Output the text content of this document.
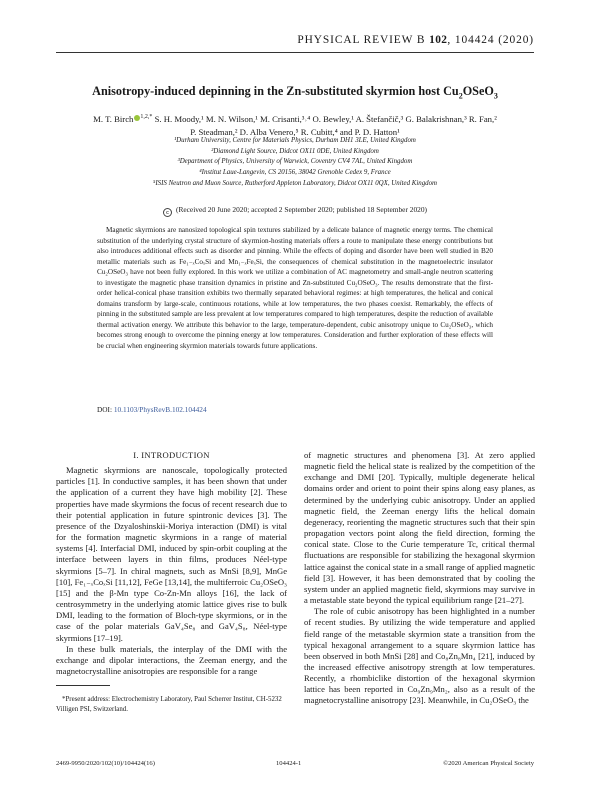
PHYSICAL REVIEW B 102, 104424 (2020)
Anisotropy-induced depinning in the Zn-substituted skyrmion host $Cu_2OSeO_3$
M. T. Birch $^{1,2,*}$ S. H. Moody,¹ M. N. Wilson,¹ M. Crisanti,³˒⁴ O. Bewley,¹ A. Štefančič,³ G. Balakrishnan,³ R. Fan,²
P. Steadman,² D. Alba Venero,⁵ R. Cubitt,⁴ and P. D. Hatton¹
¹Durham University, Centre for Materials Physics, Durham DH1 3LE, United Kingdom
²Diamond Light Source, Didcot OX11 0DE, United Kingdom
³Department of Physics, University of Warwick, Coventry CV4 7AL, United Kingdom
⁴Institut Laue-Langevin, CS 20156, 38042 Grenoble Cedex 9, France
⁵ISIS Neutron and Muon Source, Rutherford Appleton Laboratory, Didcot OX11 0QX, United Kingdom
c (Received 20 June 2020; accepted 2 September 2020; published 18 September 2020)
Magnetic skyrmions are nanosized topological spin textures stabilized by a delicate balance of magnetic energy terms. The chemical substitution of the underlying crystal structure of skyrmion-hosting materials offers a route to manipulate these energy contributions but also introduces additional effects such as disorder and pinning. While the effects of doping and disorder have been well studied in B20 metallic materials such as Fe₁₋ₓCoₓSi and Mn₁₋ₓFeₓSi, the consequences of chemical substitution in the magnetoelectric insulator Cu₂OSeO₃ have not been fully explored. In this work we utilize a combination of AC magnetometry and small-angle neutron scattering to investigate the magnetic phase transition dynamics in pristine and Zn-substituted Cu₂OSeO₃. The results demonstrate that the first-order helical-conical phase transition exhibits two thermally separated behavioral regimes: at high temperatures, the helical and conical domains transform by large-scale, continuous rotations, while at low temperatures, the two phases coexist. Remarkably, the effects of pinning in the substituted sample are less prevalent at low temperatures compared to high temperatures, despite the reduction of available thermal activation energy. We attribute this behavior to the large, temperature-dependent, cubic anisotropy unique to Cu₂OSeO₃, which becomes strong enough to overcome the pinning energy at low temperatures. Consideration and further exploration of these effects will be crucial when engineering skyrmion materials towards future applications.
DOI: 10.1103/PhysRevB.102.104424
I. INTRODUCTION

Magnetic skyrmions are nanoscale, topologically protected particles [1]. In conductive samples, it has been shown that under the application of a current they have high mobility [2]. These properties have made skyrmions the focus of recent research due to their potential application in future spintronic devices [3]. The presence of the Dzyaloshinskii-Moriya interaction (DMI) is vital for the formation magnetic skyrmions in a range of material systems [4]. Interfacial DMI, induced by spin-orbit coupling at the interface between layers in thin films, produces Néel-type skyrmions [5–7]. In chiral magnets, such as MnSi [8,9], MnGe [10], Fe₁₋ₓCoₓSi [11,12], FeGe [13,14], the multiferroic Cu₂OSeO₃ [15] and the β-Mn type Co-Zn-Mn alloys [16], the lack of centrosymmetry in the underlying atomic lattice gives rise to bulk DMI, leading to the formation of Bloch-type skyrmions, or in the case of the polar materials GaV₄Se₈ and GaV₄S₈, Néel-type skyrmions [17–19].

In these bulk materials, the interplay of the DMI with the exchange and dipolar interactions, the Zeeman energy, and the magnetocrystalline anisotropies are responsible for a range

of magnetic structures and phenomena [3]. At zero applied magnetic field the helical state is realized by the competition of the exchange and DMI [20]. Typically, multiple degenerate helical domains order and orient to point their spins along easy planes, as determined by the underlying cubic anisotropy. Under an applied magnetic field, the Zeeman energy lifts the helical domain degeneracy, reorienting the magnetic structures such that their spin propagation vectors point along the field direction, forming the conical state. Close to the Curie temperature Tc, critical thermal fluctuations are responsible for stabilizing the hexagonal skyrmion lattice against the conical state in a small range of applied magnetic field [3]. However, it has been demonstrated that by cooling the system under an applied magnetic field, skyrmions may survive in a metastable state beyond the typical equilibrium range [21–27].

The role of cubic anisotropy has been highlighted in a number of recent studies. By utilizing the wide temperature and applied field range of the metastable skyrmion state a transition from the typical hexagonal arrangement to a square skyrmion lattice has been observed in both MnSi [28] and Co₈Zn₈Mn₄ [21], induced by the increased effective anisotropy strength at low temperatures. Recently, a rhombiclike distortion of the hexagonal skyrmion lattice has been reported in Co₉Zn₉Mn₂, also as a result of the magnetocrystalline anisotropy [23]. Meanwhile, in Cu₂OSeO₃ the

*Present address: Electrochemistry Laboratory, Paul Scherrer Institut, CH-5232 Villigen PSI, Switzerland.
2469-9950/2020/102(10)/104424(16)	104424-1	©2020 American Physical Society
